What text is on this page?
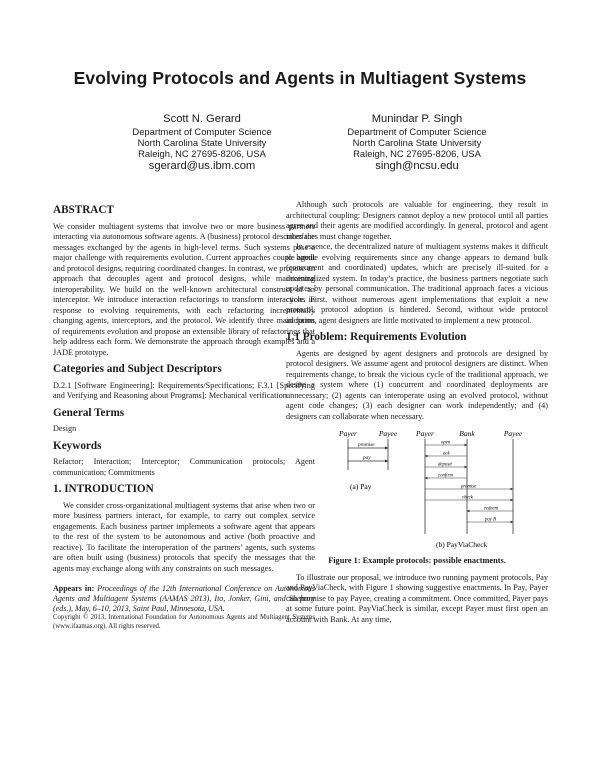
Evolving Protocols and Agents in Multiagent Systems
Scott N. Gerard
Department of Computer Science
North Carolina State University
Raleigh, NC 27695-8206, USA
sgerard@us.ibm.com
Munindar P. Singh
Department of Computer Science
North Carolina State University
Raleigh, NC 27695-8206, USA
singh@ncsu.edu
ABSTRACT

We consider multiagent systems that involve two or more business partners interacting via autonomous software agents. A (business) protocol describes the messages exchanged by the agents in high-level terms. Such systems pose a major challenge with requirements evolution. Current approaches couple agent and protocol designs, requiring coordinated changes. In contrast, we propose an approach that decouples agent and protocol designs, while maintaining interoperability. We build on the well-known architectural construct of an interceptor. We introduce interaction refactorings to transform interactions in response to evolving requirements, with each refactoring incrementally changing agents, interceptors, and the protocol. We identify three main forms of requirements evolution and propose an extensible library of refactorings that help address each form. We demonstrate the approach through examples and a JADE prototype.

Categories and Subject Descriptors

D.2.1 [Software Engineering]: Requirements/Specifications; F.3.1 [Specifying and Verifying and Reasoning about Programs]: Mechanical verification

General Terms

Design

Keywords

Refactor; Interaction; Interceptor; Communication protocols; Agent communication; Commitments

1. INTRODUCTION

We consider cross-organizational multiagent systems that arise when two or more business partners interact, for example, to carry out complex service engagements. Each business partner implements a software agent that appears to the rest of the system to be autonomous and active (both proactive and reactive). To facilitate the interoperation of the partners’ agents, such systems are often built using (business) protocols that specify the messages that the agents may exchange along with any constraints on such messages.

Appears in: Proceedings of the 12th International Conference on Autonomous Agents and Multiagent Systems (AAMAS 2013), Ito, Jonker, Gini, and Shehory (eds.), May, 6–10, 2013, Saint Paul, Minnesota, USA.
Copyright © 2013, International Foundation for Autonomous Agents and Multiagent Systems (www.ifaamas.org). All rights reserved.

Although such protocols are valuable for engineering, they result in architectural coupling: Designers cannot deploy a new protocol until all parties agree and their agents are modified accordingly. In general, protocol and agent interfaces must change together.

In essence, the decentralized nature of multiagent systems makes it difficult to handle evolving requirements since any change appears to demand bulk (concurrent and coordinated) updates, which are precisely ill-suited for a decentralized system. In today’s practice, the business partners negotiate such updates by personal communication. The traditional approach faces a vicious cycle. First, without numerous agent implementations that exploit a new protocol, protocol adoption is hindered. Second, without wide protocol adoption, agent designers are little motivated to implement a new protocol.

1.1 Problem: Requirements Evolution

Agents are designed by agent designers and protocols are designed by protocol designers. We assume agent and protocol designers are distinct. When requirements change, to break the vicious cycle of the traditional approach, we desire a system where (1) concurrent and coordinated deployments are unnecessary; (2) agents can interoperate using an evolved protocol, without agent code changes; (3) each designer can work independently; and (4) designers can collaborate when necessary.

Payer	Payee
promise
pay
(a) Pay
Payer	Bank	Payee
open
ack
deposit
confirm
promise
check
redeem
pay B
(b) PayViaCheck
Figure 1: Example protocols: possible enactments.

To illustrate our proposal, we introduce two running payment protocols, Pay and PayViaCheck, with Figure 1 showing suggestive enactments. In Pay, Payer can promise to pay Payee, creating a commitment. Once committed, Payer pays at some future point. PayViaCheck is similar, except Payer must first open an account with Bank. At any time,
